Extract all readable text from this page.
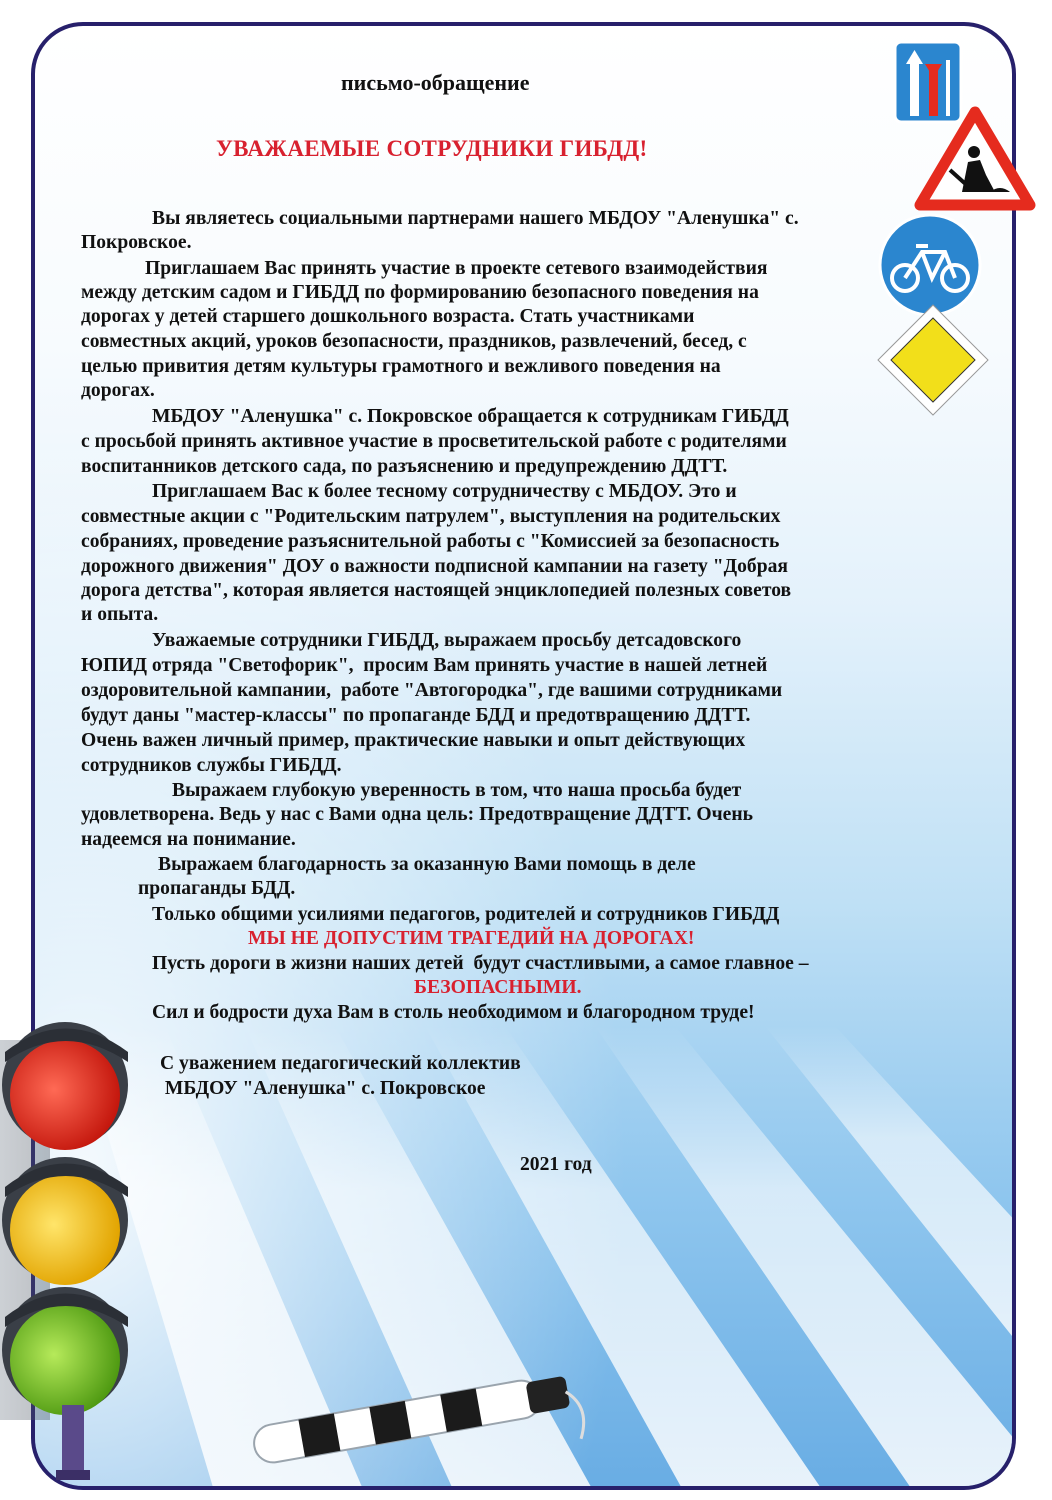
письмо-обращение
УВАЖАЕМЫЕ СОТРУДНИКИ ГИБДД!
Вы являетесь социальными партнерами нашего МБДОУ "Аленушка" с.
Покровское.
Приглашаем Вас принять участие в проекте сетевого взаимодействия
между детским садом и ГИБДД по формированию безопасного поведения на
дорогах у детей старшего дошкольного возраста. Стать участниками
совместных акций, уроков безопасности, праздников, развлечений, бесед, с
целью привития детям культуры грамотного и вежливого поведения на
дорогах.
МБДОУ "Аленушка" с. Покровское обращается к сотрудникам ГИБДД
с просьбой принять активное участие в просветительской работе с родителями
воспитанников детского сада, по разъяснению и предупреждению ДДТТ.
Приглашаем Вас к более тесному сотрудничеству с МБДОУ. Это и
совместные акции с "Родительским патрулем", выступления на родительских
собраниях, проведение разъяснительной работы с "Комиссией за безопасность
дорожного движения" ДОУ о важности подписной кампании на газету "Добрая
дорога детства", которая является настоящей энциклопедией полезных советов
и опыта.
Уважаемые сотрудники ГИБДД, выражаем просьбу детсадовского
ЮПИД отряда "Светофорик",  просим Вам принять участие в нашей летней
оздоровительной кампании,  работе "Автогородка", где вашими сотрудниками
будут даны "мастер-классы" по пропаганде БДД и предотвращению ДДТТ.
Очень важен личный пример, практические навыки и опыт действующих
сотрудников службы ГИБДД.
Выражаем глубокую уверенность в том, что наша просьба будет
удовлетворена. Ведь у нас с Вами одна цель: Предотвращение ДДТТ. Очень
надеемся на понимание.
Выражаем благодарность за оказанную Вами помощь в деле
пропаганды БДД.
Только общими усилиями педагогов, родителей и сотрудников ГИБДД
МЫ НЕ ДОПУСТИМ ТРАГЕДИЙ НА ДОРОГАХ!
Пусть дороги в жизни наших детей  будут счастливыми, а самое главное –
БЕЗОПАСНЫМИ.
Сил и бодрости духа Вам в столь необходимом и благородном труде!
С уважением педагогический коллектив
МБДОУ "Аленушка" с. Покровское
2021 год
